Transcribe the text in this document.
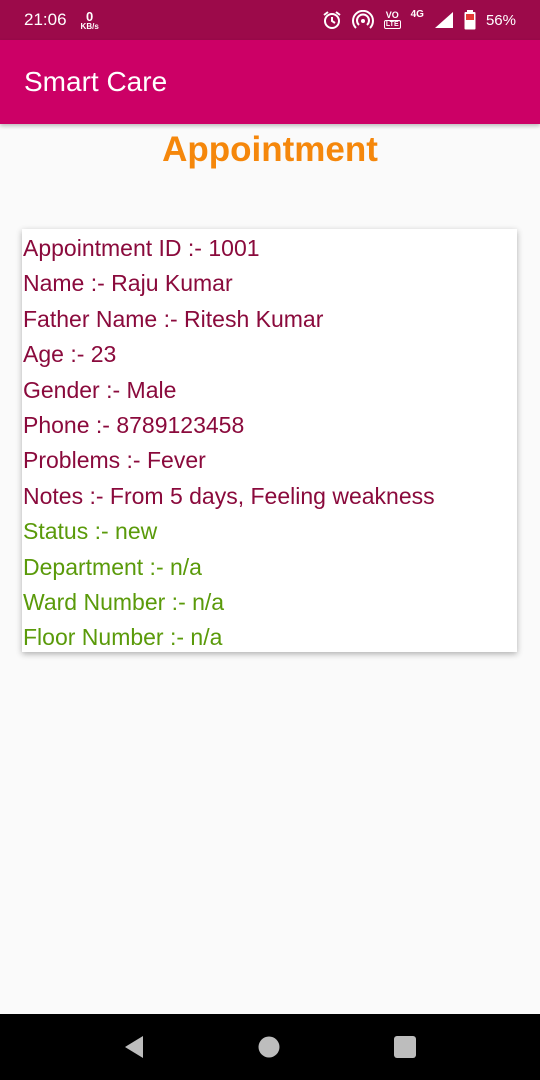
21:06 0
KB/s
VO
LTE
4G	56%
Smart Care
Appointment
Appointment ID :- 1001
Name :- Raju Kumar
Father Name :- Ritesh Kumar
Age :- 23
Gender :- Male
Phone :- 8789123458
Problems :- Fever
Notes :- From 5 days, Feeling weakness
Status :- new
Department :- n/a
Ward Number :- n/a
Floor Number :- n/a
